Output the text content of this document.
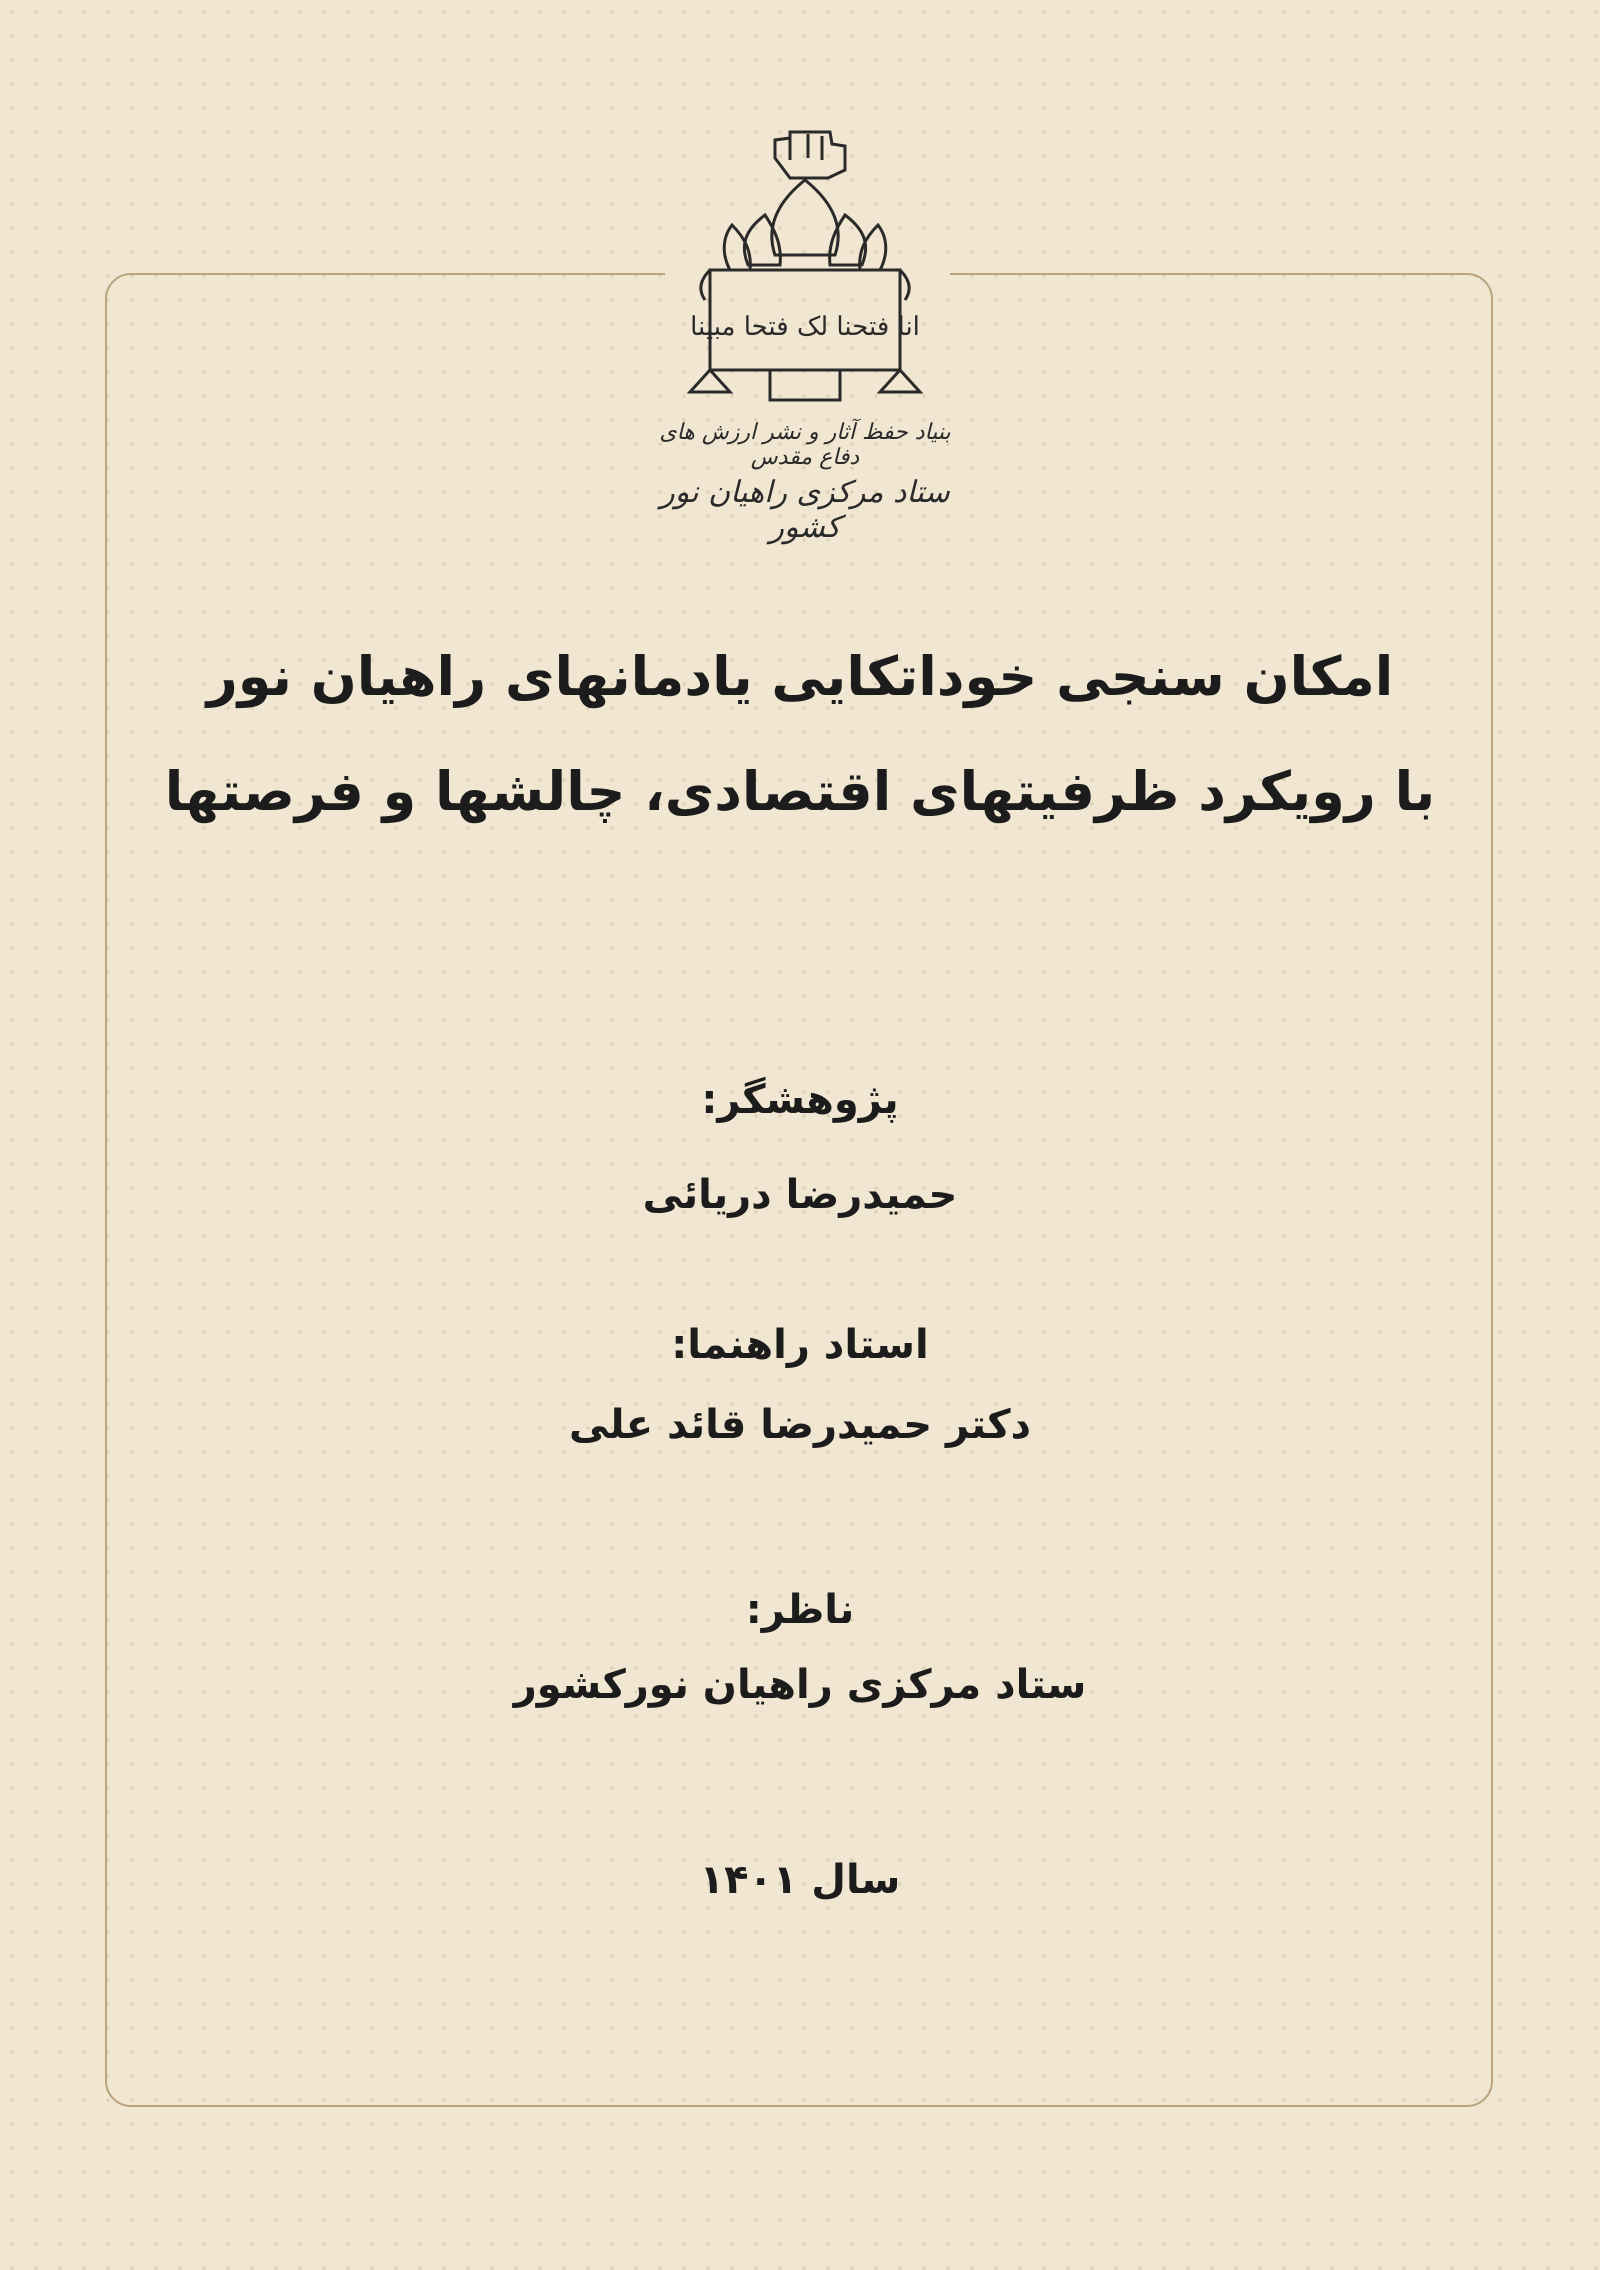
انا فتحنا لک فتحا مبینا
بنیاد حفظ آثار و نشر ارزش های دفاع مقدس
ستاد مرکزی راهیان نور کشور
امکان سنجی خوداتکایی یادمانهای راهیان نور
با رویکرد ظرفیتهای اقتصادی، چالشها و فرصتها
پژوهشگر:
حمیدرضا دریائی
استاد راهنما:
دکتر حمیدرضا قائد علی
ناظر:
ستاد مرکزی راهیان نورکشور
سال ۱۴۰۱
